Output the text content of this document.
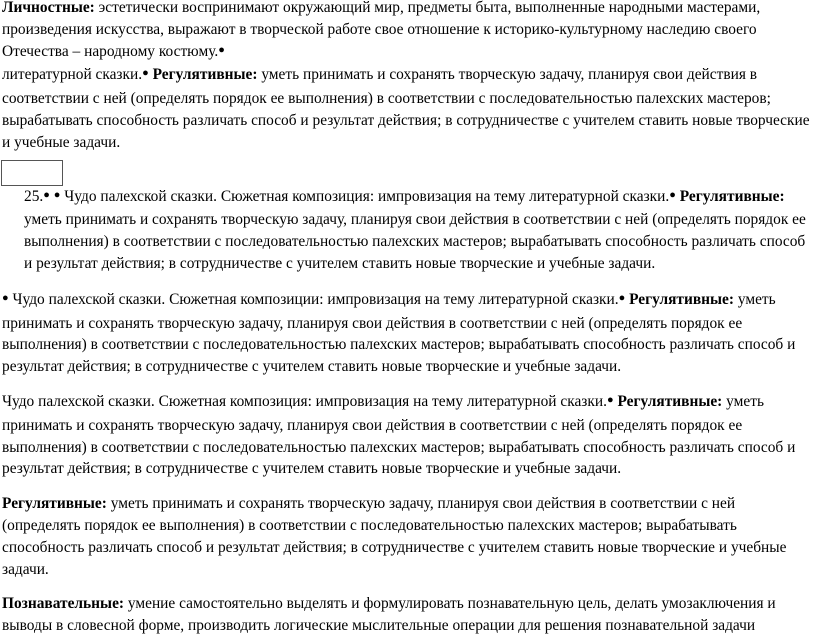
Личностные: эстетически воспринимают окружающий мир, предметы быта, выполненные народными мастерами, произведения искусства, выражают в творческой работе свое отношение к историко-культурному наследию своего Отечества – народному костюму.●

литературной сказки.● Регулятивные: уметь принимать и сохранять творческую задачу, планируя свои действия в соответствии с ней (определять порядок ее выполнения) в соответствии с последовательностью палехских мастеров; вырабатывать способность различать способ и результат действия; в сотрудничестве с учителем ставить новые творческие и учебные задачи.

25.● ● Чудо палехской сказки. Сюжетная композиция: импровизация на тему литературной сказки.● Регулятивные: уметь принимать и сохранять творческую задачу, планируя свои действия в соответствии с ней (определять порядок ее выполнения) в соответствии с последовательностью палехских мастеров; вырабатывать способность различать способ и результат действия; в сотрудничестве с учителем ставить новые творческие и учебные задачи.

● Чудо палехской сказки. Сюжетная композиции: импровизация на тему литературной сказки.● Регулятивные: уметь принимать и сохранять творческую задачу, планируя свои действия в соответствии с ней (определять порядок ее выполнения) в соответствии с последовательностью палехских мастеров; вырабатывать способность различать способ и результат действия; в сотрудничестве с учителем ставить новые творческие и учебные задачи.

Чудо палехской сказки. Сюжетная композиция: импровизация на тему литературной сказки.● Регулятивные: уметь принимать и сохранять творческую задачу, планируя свои действия в соответствии с ней (определять порядок ее выполнения) в соответствии с последовательностью палехских мастеров; вырабатывать способность различать способ и результат действия; в сотрудничестве с учителем ставить новые творческие и учебные задачи.

Регулятивные: уметь принимать и сохранять творческую задачу, планируя свои действия в соответствии с ней (определять порядок ее выполнения) в соответствии с последовательностью палехских мастеров; вырабатывать способность различать способ и результат действия; в сотрудничестве с учителем ставить новые творческие и учебные задачи.

Познавательные: умение самостоятельно выделять и формулировать познавательную цель, делать умозаключения и выводы в словесной форме, производить логические мыслительные операции для решения познавательной задачи
